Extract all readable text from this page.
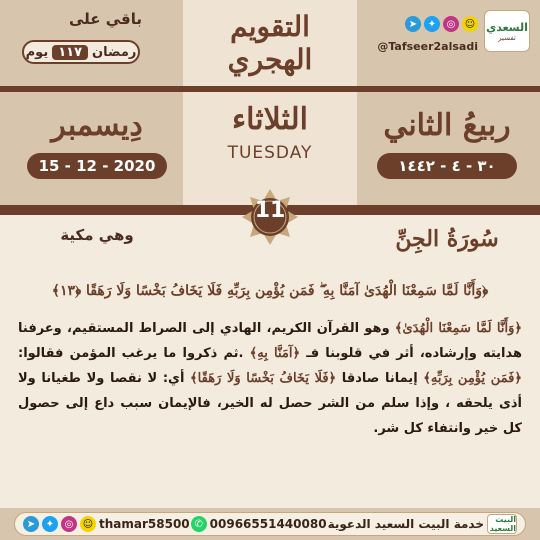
التقويم الهجري
باقي على
رمضان
١١٧
يوم
السعدي
تفسير
➤	✦	◎ ☺
@Tafseer2alsadi
ربيعُ الثاني
٣٠ - ٤ - ١٤٤٢
الثلاثاء
TUESDAY
دِيسمبر
15 - 12 - 2020
11
سُورَةُ الجِنِّ
وهي مكية
﴿وَأَنَّا لَمَّا سَمِعْنَا الْهُدَىٰ آمَنَّا بِهِ ۖ فَمَن يُؤْمِن بِرَبِّهِ فَلَا يَخَافُ بَخْسًا وَلَا رَهَقًا ﴿١٣﴾
﴿وَأَنَّا لَمَّا سَمِعْنَا الْهُدَىٰ﴾ وهو القرآن الكريم، الهادي إلى الصراط المستقيم، وعرفنا هدايته وإرشاده، أثر في قلوبنا فـ ﴿آمَنَّا بِهِ﴾ .ثم ذكروا ما يرغب المؤمن فقالوا: ﴿فَمَن يُؤْمِن بِرَبِّهِ﴾ إيمانا صادقا ﴿فَلَا يَخَافُ بَخْسًا وَلَا رَهَقًا﴾ أي: لا نقصا ولا طغيانا ولا أذى يلحقه ، وإذا سلم من الشر حصل له الخير، فالإيمان سبب داع إلى حصول كل خير وانتفاء كل شر.
➤	✦	◎ ☺ thamar58500 ✆ 00966551440080	البيت السعيد
خدمة البيت السعيد الدعوية
